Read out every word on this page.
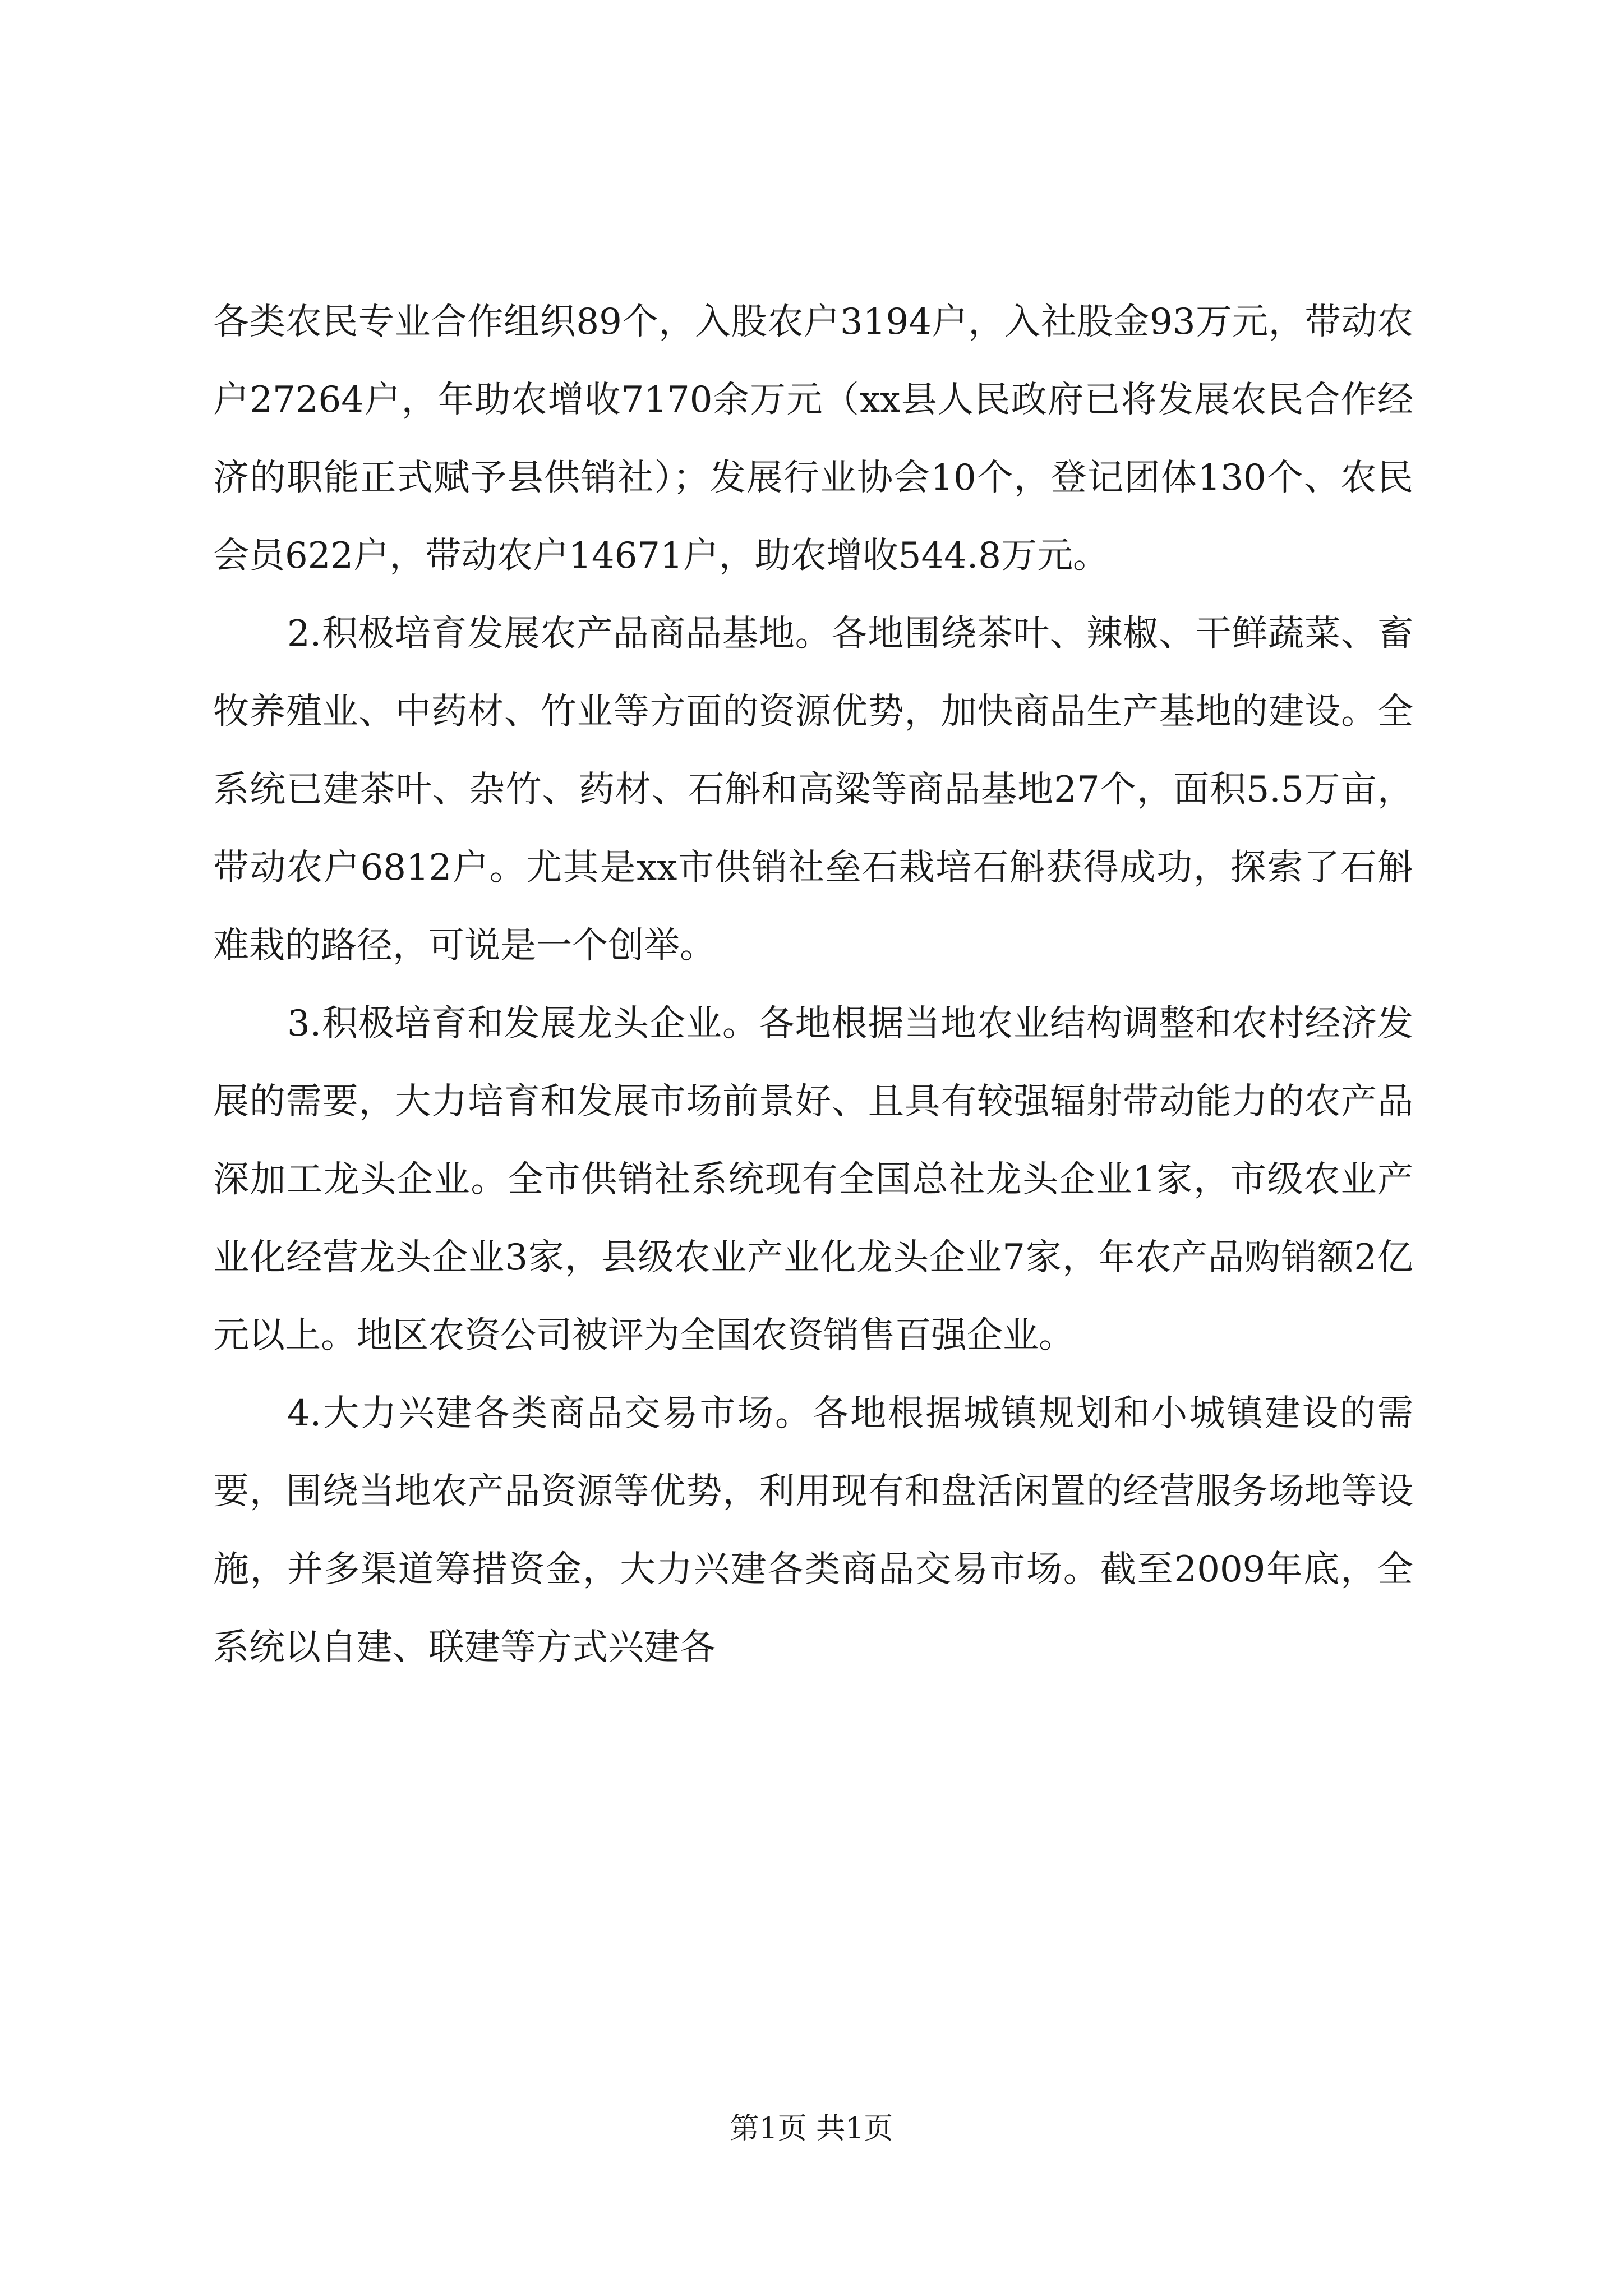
各类农民专业合作组织89个，入股农户3194户，入社股金93万元，带动农户27264户，年助农增收7170余万元（xx县人民政府已将发展农民合作经济的职能正式赋予县供销社）；发展行业协会10个，登记团体130个、农民会员622户，带动农户14671户，助农增收544.8万元。

2.积极培育发展农产品商品基地。各地围绕茶叶、辣椒、干鲜蔬菜、畜牧养殖业、中药材、竹业等方面的资源优势，加快商品生产基地的建设。全系统已建茶叶、杂竹、药材、石斛和高粱等商品基地27个，面积5.5万亩，带动农户6812户。尤其是xx市供销社垒石栽培石斛获得成功，探索了石斛难栽的路径，可说是一个创举。

3.积极培育和发展龙头企业。各地根据当地农业结构调整和农村经济发展的需要，大力培育和发展市场前景好、且具有较强辐射带动能力的农产品深加工龙头企业。全市供销社系统现有全国总社龙头企业1家，市级农业产业化经营龙头企业3家，县级农业产业化龙头企业7家，年农产品购销额2亿元以上。地区农资公司被评为全国农资销售百强企业。

4.大力兴建各类商品交易市场。各地根据城镇规划和小城镇建设的需要，围绕当地农产品资源等优势，利用现有和盘活闲置的经营服务场地等设施，并多渠道筹措资金，大力兴建各类商品交易市场。截至2009年底，全系统以自建、联建等方式兴建各

第1页 共1页
